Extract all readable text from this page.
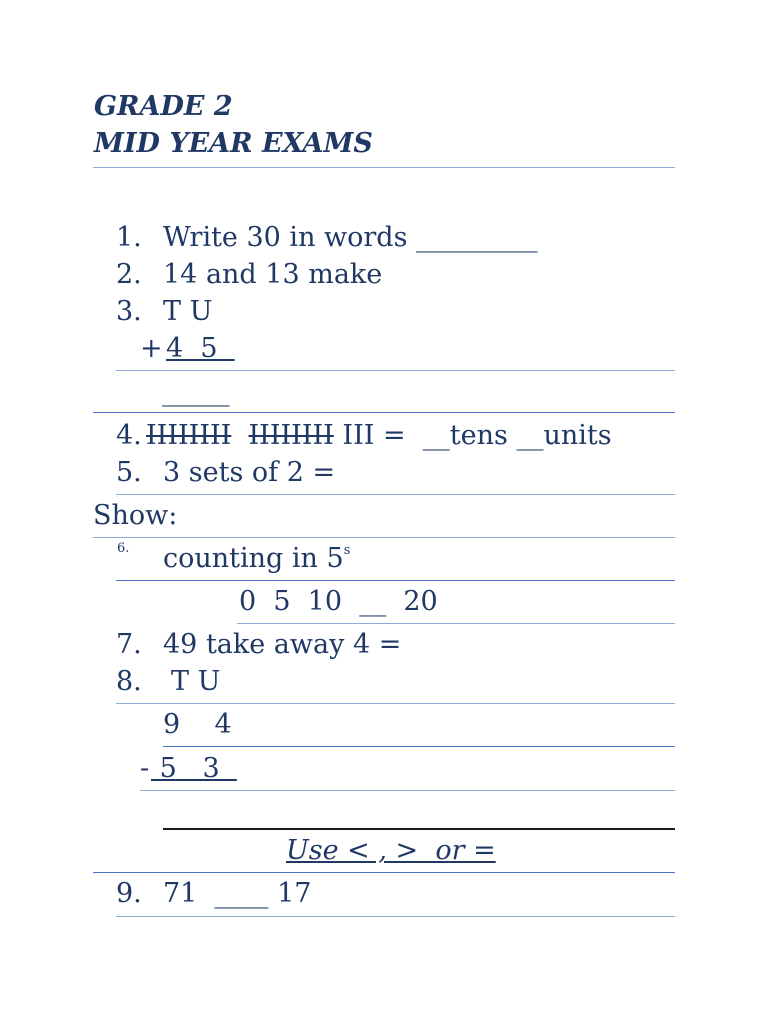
GRADE 2
MID YEAR EXAMS
1. Write 30 in words _________
2. 14 and 13 make
3. T U
+ 4  5
_____
4. IIIIIIII IIIIIIII III = __tens __units
5. 3 sets of 2 =
Show:
6. counting in 5$^s$
0  5  10  __  20
7. 49 take away 4 =
8. T U
9    4
- 5   3
Use < , >  or =
9. 71  ____ 17
